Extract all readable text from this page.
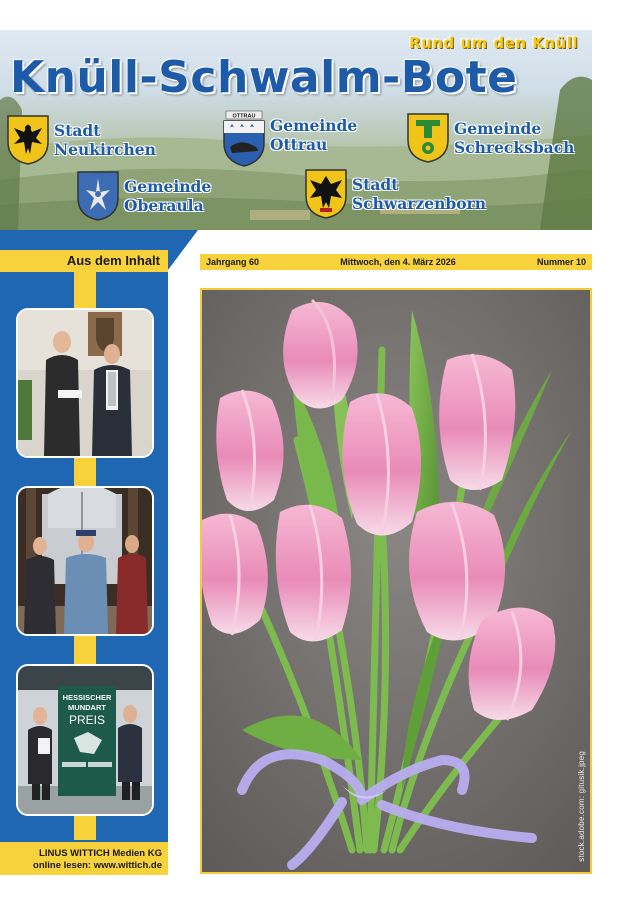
Rund um den Knüll
Knüll-Schwalm-Bote
Stadt
Neukirchen
OTTRAU Gemeinde
Ottrau
Gemeinde
Schrecksbach
Gemeinde
Oberaula
Stadt
Schwarzenborn
Aus dem Inhalt
HESSISCHER
MUNDART
PREIS
LINUS WITTICH Medien KG
online lesen: www.wittich.de
Jahrgang 60	Mittwoch, den 4. März 2026	Nummer 10
stock.adobe.com: gitusik.jpeg
